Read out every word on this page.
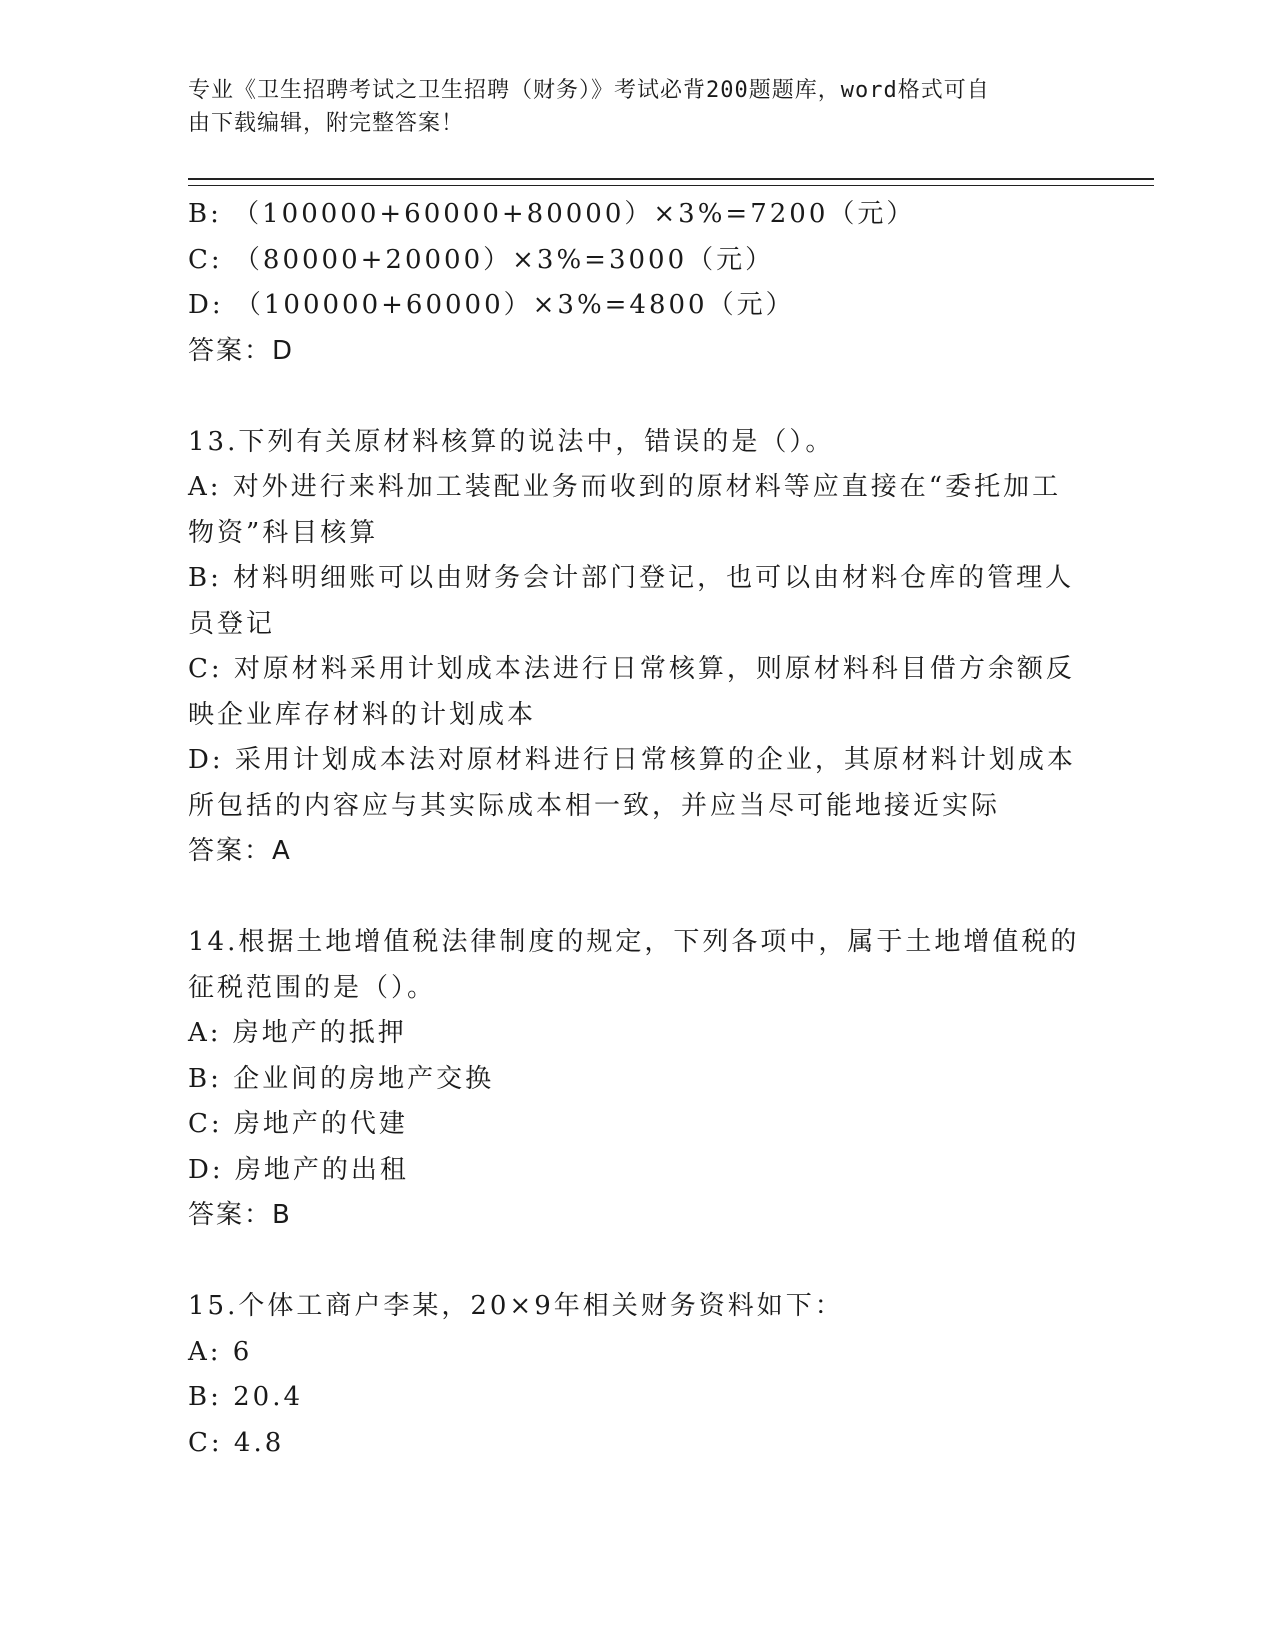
专业《卫生招聘考试之卫生招聘（财务）》考试必背200题题库，word格式可自
由下载编辑，附完整答案！
B: （100000+60000+80000）×3%=7200（元）
C: （80000+20000）×3%=3000（元）
D: （100000+60000）×3%=4800（元）
答案：D
13.下列有关原材料核算的说法中，错误的是（）。
A: 对外进行来料加工装配业务而收到的原材料等应直接在“委托加工
物资”科目核算
B: 材料明细账可以由财务会计部门登记，也可以由材料仓库的管理人
员登记
C: 对原材料采用计划成本法进行日常核算，则原材料科目借方余额反
映企业库存材料的计划成本
D: 采用计划成本法对原材料进行日常核算的企业，其原材料计划成本
所包括的内容应与其实际成本相一致，并应当尽可能地接近实际
答案：A
14.根据土地增值税法律制度的规定，下列各项中，属于土地增值税的
征税范围的是（）。
A: 房地产的抵押
B: 企业间的房地产交换
C: 房地产的代建
D: 房地产的出租
答案：B
15.个体工商户李某，20×9年相关财务资料如下：
A: 6
B: 20.4
C: 4.8
